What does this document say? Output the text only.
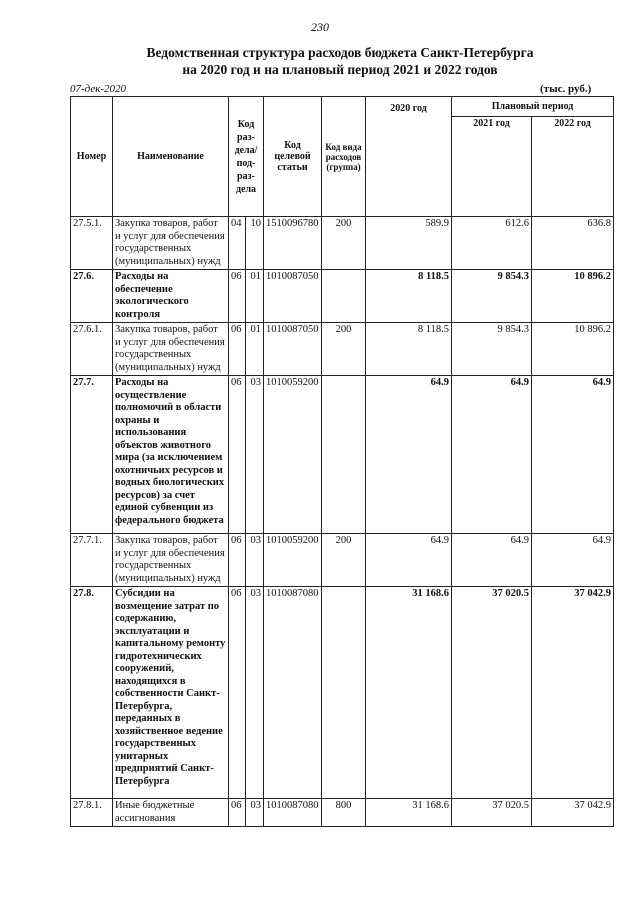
230
Ведомственная структура расходов бюджета Санкт-Петербурга
на 2020 год и на плановый период 2021 и 2022 годов
07-дек-2020	(тыс. руб.)
Номер	Наименование	Код раз-дела/ под-раз-дела		Код целевой статьи	Код вида расходов (группа)	2020 год	Плановый период	
							2021 год	2022 год
27.5.1.	Закупка товаров, работ и услуг для обеспечения государственных (муниципальных) нужд	04	10	1510096780	200	589.9	612.6	636.8
27.6.	Расходы на обеспечение экологического контроля	06	01	1010087050		8 118.5	9 854.3	10 896.2
27.6.1.	Закупка товаров, работ и услуг для обеспечения государственных (муниципальных) нужд	06	01	1010087050	200	8 118.5	9 854.3	10 896.2
27.7.	Расходы на осуществление полномочий в области охраны и использования объектов животного мира (за исключением охотничьих ресурсов и водных биологических ресурсов) за счет единой субвенции из федерального бюджета	06	03	1010059200		64.9	64.9	64.9
27.7.1.	Закупка товаров, работ и услуг для обеспечения государственных (муниципальных) нужд	06	03	1010059200	200	64.9	64.9	64.9
27.8.	Субсидии на возмещение затрат по содержанию, эксплуатации и капитальному ремонту гидротехнических сооружений, находящихся в собственности Санкт-Петербурга, переданных в хозяйственное ведение государственных унитарных предприятий Санкт-Петербурга	06	03	1010087080		31 168.6	37 020.5	37 042.9
27.8.1.	Иные бюджетные ассигнования	06	03	1010087080	800	31 168.6	37 020.5	37 042.9
